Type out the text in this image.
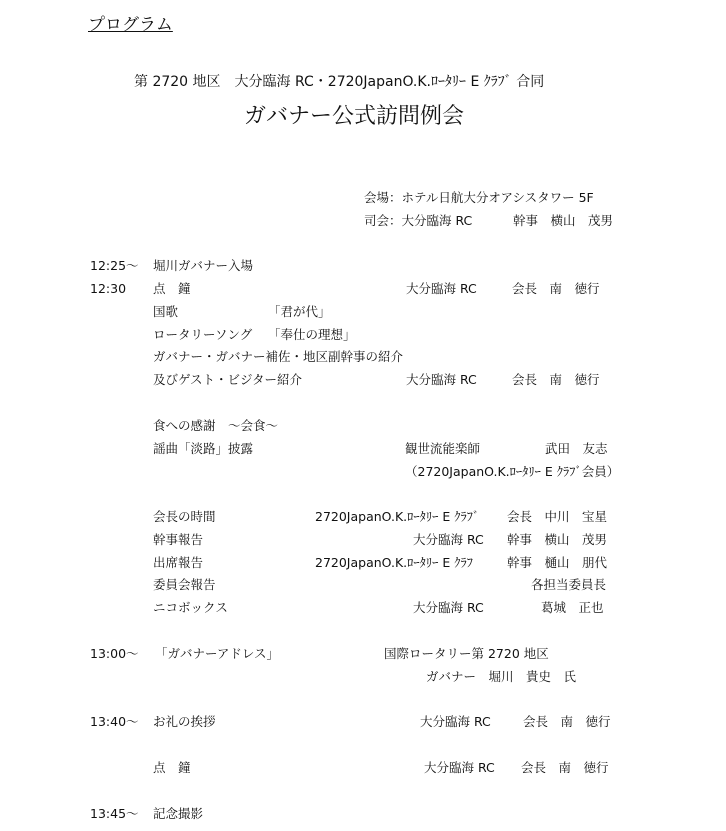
プログラム
第 2720 地区　大分臨海 RC・2720JapanO.K.ﾛｰﾀﾘｰ E ｸﾗﾌﾞ 合同
ガバナー公式訪問例会
会場：ホテル日航大分オアシスタワー 5F
司会：大分臨海 RC	幹事　横山　茂男
12:25～ 堀川ガバナー入場
12:30 点　鐘	大分臨海 RC	会長　南　徳行
国歌	「君が代」
ロータリーソング 「奉仕の理想」
ガバナー・ガバナー補佐・地区副幹事の紹介
及びゲスト・ビジター紹介	大分臨海 RC	会長　南　徳行
食への感謝　～会食～
謡曲「淡路」披露	観世流能楽師	武田　友志
（2720JapanO.K.ﾛｰﾀﾘｰ E ｸﾗﾌﾞ会員）
会長の時間	2720JapanO.K.ﾛｰﾀﾘｰ E ｸﾗﾌﾞ 会長　中川　宝星
幹事報告	大分臨海 RC 幹事　横山　茂男
出席報告	2720JapanO.K.ﾛｰﾀﾘｰ E ｸﾗﾌ	幹事　樋山　朋代
委員会報告	各担当委員長
ニコボックス	大分臨海 RC	葛城　正也
13:00～ 「ガバナーアドレス」	国際ロータリー第 2720 地区
ガバナー　堀川　貴史　氏
13:40～ お礼の挨拶	大分臨海 RC	会長　南　徳行
点　鐘	大分臨海 RC 会長　南　徳行
13:45～ 記念撮影
